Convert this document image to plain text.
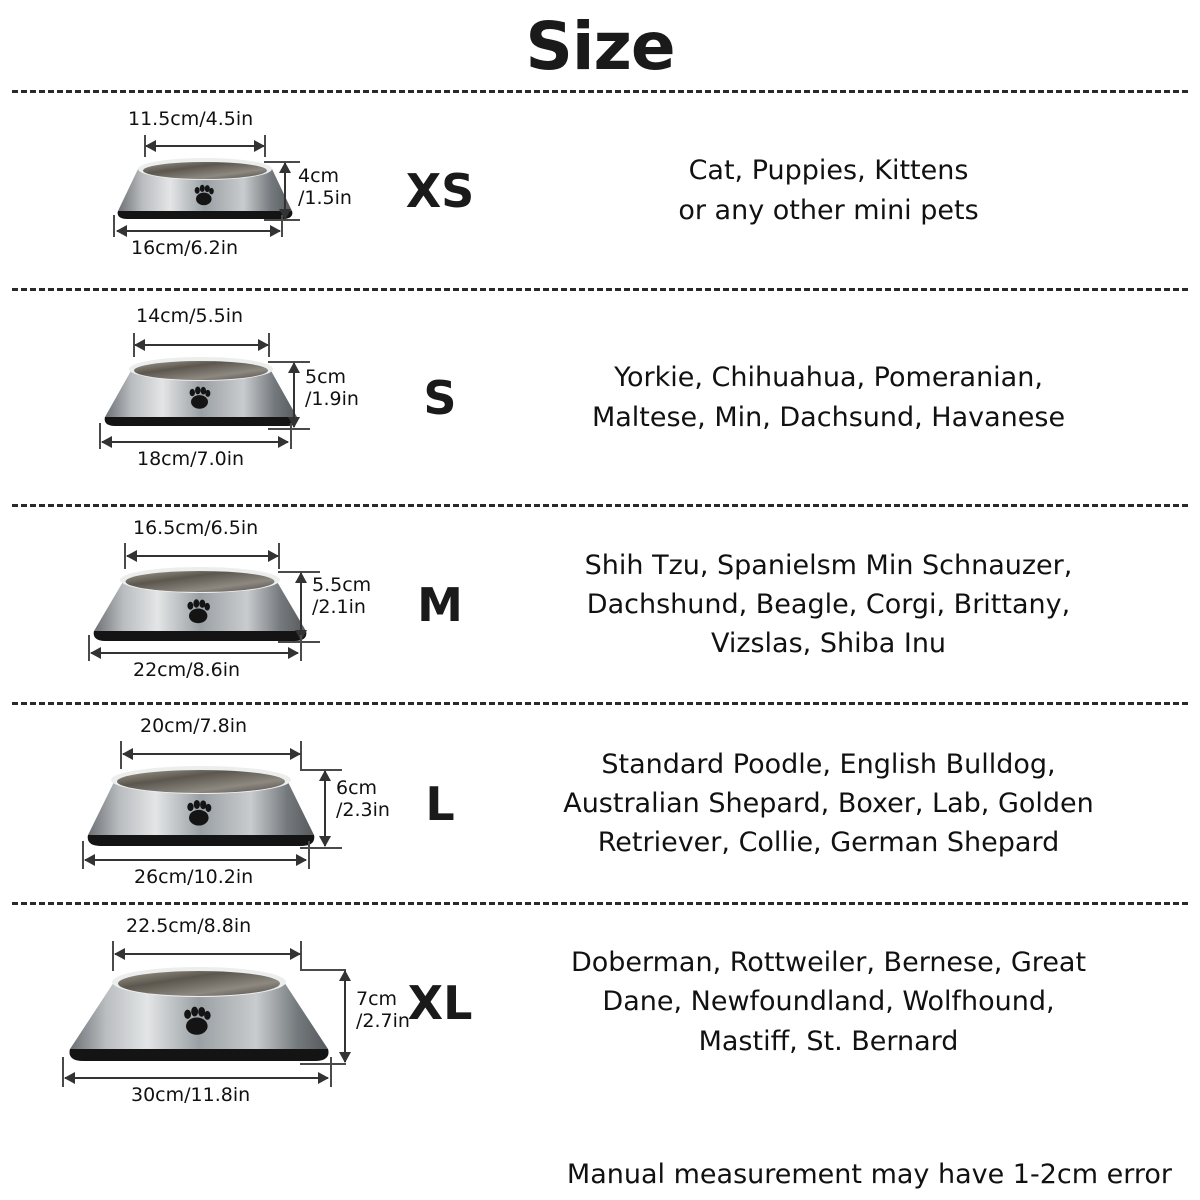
Size
11.5cm/4.5in
4cm
/1.5in
16cm/6.2in
XS	Cat, Puppies, Kittens
or any other mini pets
14cm/5.5in
5cm
/1.9in
18cm/7.0in
S	Yorkie, Chihuahua, Pomeranian,
Maltese, Min, Dachsund, Havanese
16.5cm/6.5in
5.5cm
/2.1in
22cm/8.6in
M
Shih Tzu, Spanielsm Min Schnauzer,
Dachshund, Beagle, Corgi, Brittany,
Vizslas, Shiba Inu
20cm/7.8in
6cm
/2.3in
26cm/10.2in
L
Standard Poodle, English Bulldog,
Australian Shepard, Boxer, Lab, Golden
Retriever, Collie, German Shepard
22.5cm/8.8in
7cm
/2.7in
30cm/11.8in
XL
Doberman, Rottweiler, Bernese, Great
Dane, Newfoundland, Wolfhound,
Mastiff, St. Bernard
Manual measurement may have 1-2cm error
